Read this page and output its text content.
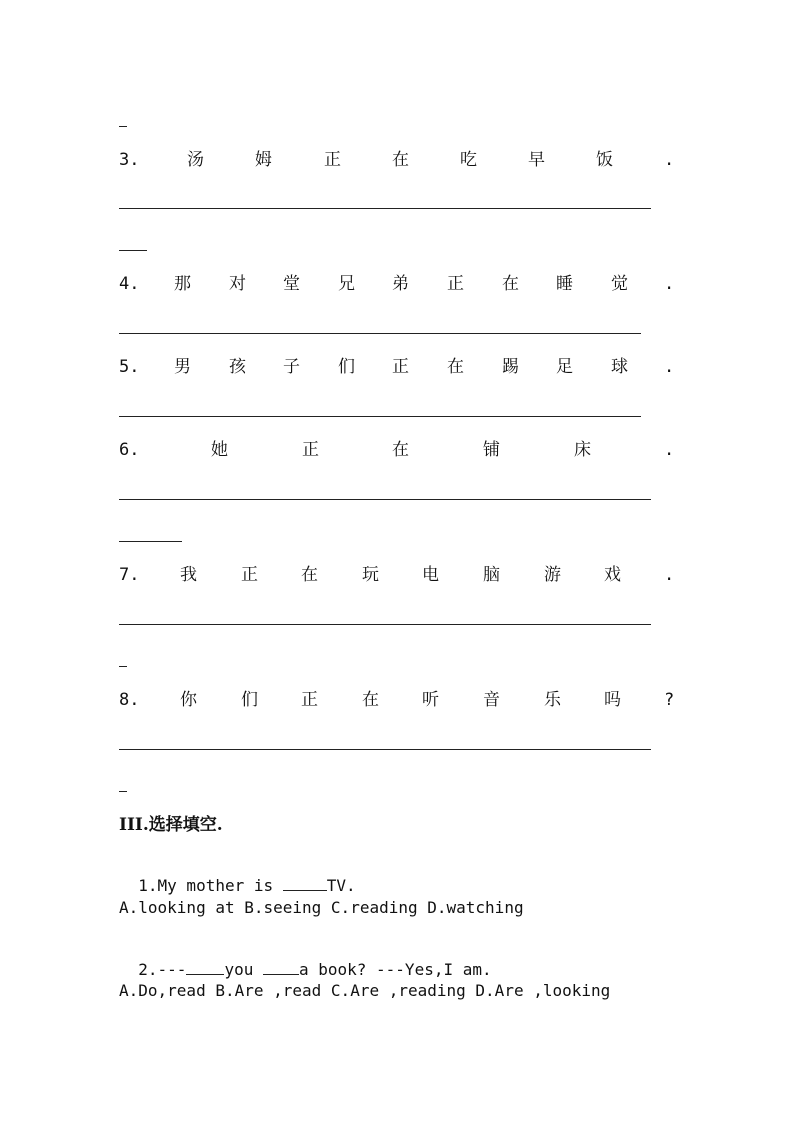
3.	汤	姆	正	在	吃	早	饭	.
4. 那 对 堂 兄 弟 正 在 睡 觉 .
5. 男 孩 子 们 正 在 踢 足 球 .
6.	她	正	在	铺	床	.
7. 我	正	在	玩	电	脑	游	戏	.
8. 你	们	正	在	听	音	乐	吗	?
III.选择填空.

1.My mother is	TV.

A.looking at B.seeing C.reading D.watching

2.--- you a book? ---Yes,I am.

A.Do,read B.Are ,read C.Are ,reading D.Are ,looking
